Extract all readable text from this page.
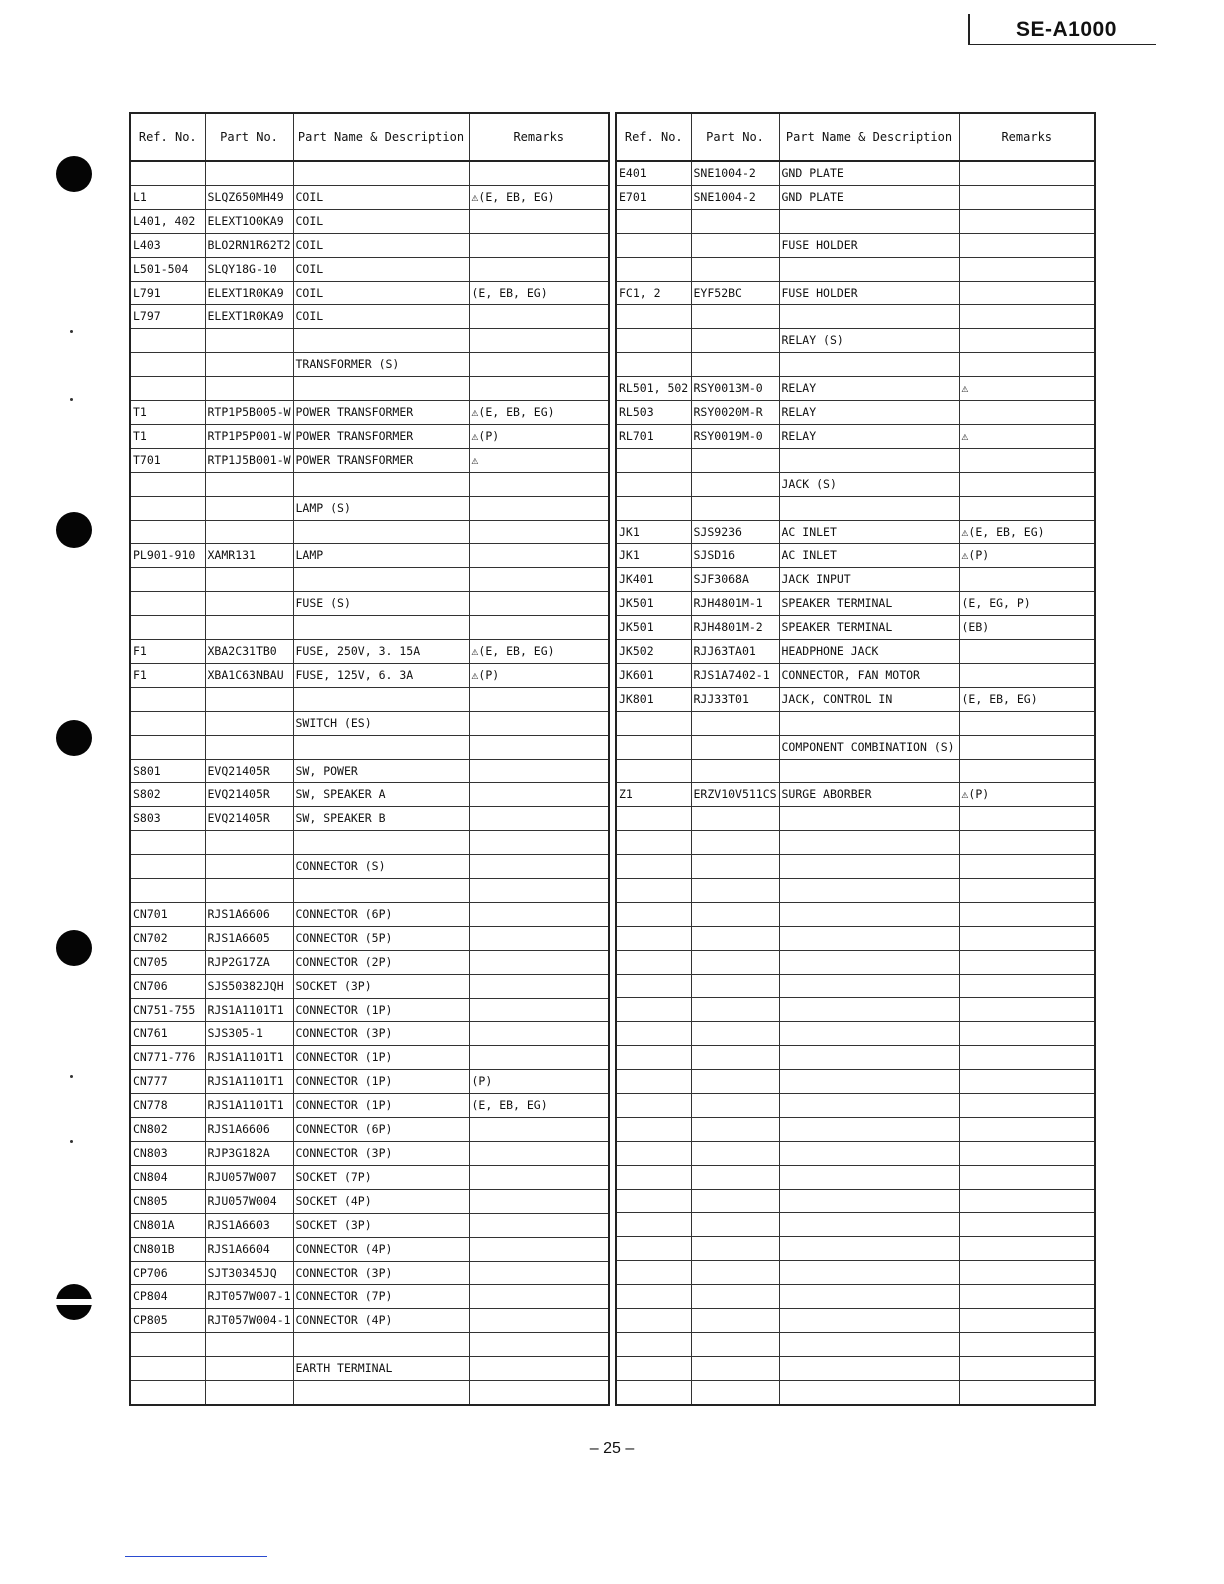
SE-A1000
Ref. No.	Part No.	Part Name & Description	Remarks

L1	SLQZ650MH49	COIL	⚠(E, EB, EG)
L401, 402	ELEXT1O0KA9	COIL	
L403	BLO2RN1R62T2	COIL	
L501-504	SLQY18G-10	COIL	
L791	ELEXT1R0KA9	COIL	(E, EB, EG)
L797	ELEXT1R0KA9	COIL	

		TRANSFORMER (S)	

T1	RTP1P5B005-W	POWER TRANSFORMER	⚠(E, EB, EG)
T1	RTP1P5P001-W	POWER TRANSFORMER	⚠(P)
T701	RTP1J5B001-W	POWER TRANSFORMER	⚠

		LAMP (S)	

PL901-910	XAMR131	LAMP	

		FUSE (S)	

F1	XBA2C31TB0	FUSE, 250V, 3. 15A	⚠(E, EB, EG)
F1	XBA1C63NBAU	FUSE, 125V, 6. 3A	⚠(P)

		SWITCH (ES)	

S801	EVQ21405R	SW, POWER	
S802	EVQ21405R	SW, SPEAKER A	
S803	EVQ21405R	SW, SPEAKER B	

		CONNECTOR (S)	

CN701	RJS1A6606	CONNECTOR (6P)	
CN702	RJS1A6605	CONNECTOR (5P)	
CN705	RJP2G17ZA	CONNECTOR (2P)	
CN706	SJS50382JQH	SOCKET (3P)	
CN751-755	RJS1A1101T1	CONNECTOR (1P)	
CN761	SJS305-1	CONNECTOR (3P)	
CN771-776	RJS1A1101T1	CONNECTOR (1P)	
CN777	RJS1A1101T1	CONNECTOR (1P)	(P)
CN778	RJS1A1101T1	CONNECTOR (1P)	(E, EB, EG)
CN802	RJS1A6606	CONNECTOR (6P)	
CN803	RJP3G182A	CONNECTOR (3P)	
CN804	RJU057W007	SOCKET (7P)	
CN805	RJU057W004	SOCKET (4P)	
CN801A	RJS1A6603	SOCKET (3P)	
CN801B	RJS1A6604	CONNECTOR (4P)	
CP706	SJT30345JQ	CONNECTOR (3P)	
CP804	RJT057W007-1	CONNECTOR (7P)	
CP805	RJT057W004-1	CONNECTOR (4P)	

		EARTH TERMINAL	

Ref. No.	Part No.	Part Name & Description	Remarks
E401	SNE1004-2	GND PLATE	
E701	SNE1004-2	GND PLATE	

		FUSE HOLDER	

FC1, 2	EYF52BC	FUSE HOLDER	

		RELAY (S)	

RL501, 502	RSY0013M-0	RELAY	⚠
RL503	RSY0020M-R	RELAY	
RL701	RSY0019M-0	RELAY	⚠

		JACK (S)	

JK1	SJS9236	AC INLET	⚠(E, EB, EG)
JK1	SJSD16	AC INLET	⚠(P)
JK401	SJF3068A	JACK INPUT	
JK501	RJH4801M-1	SPEAKER TERMINAL	(E, EG, P)
JK501	RJH4801M-2	SPEAKER TERMINAL	(EB)
JK502	RJJ63TA01	HEADPHONE JACK	
JK601	RJS1A7402-1	CONNECTOR, FAN MOTOR	
JK801	RJJ33T01	JACK, CONTROL IN	(E, EB, EG)

		COMPONENT COMBINATION (S)	

Z1	ERZV10V511CS	SURGE ABORBER	⚠(P)

– 25 –
